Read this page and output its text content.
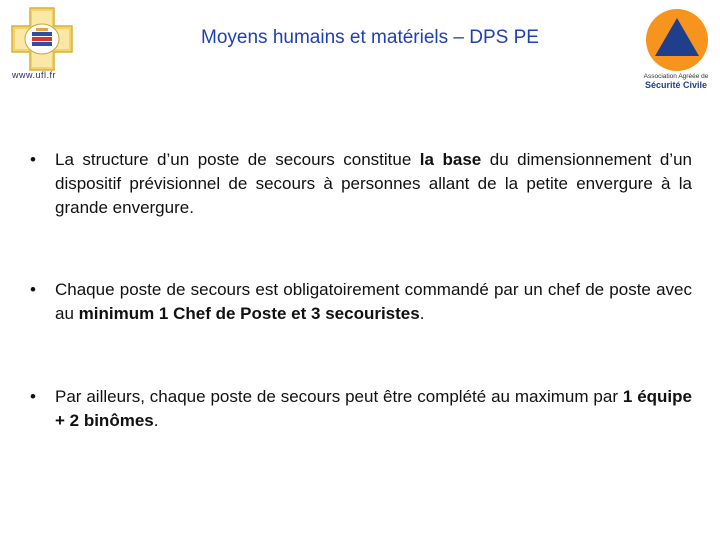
www.ufl.fr
Moyens humains et matériels – DPS PE
Association Agréée de
Sécurité Civile
• La structure d’un poste de secours constitue la base du dimensionnement d’un dispositif prévisionnel de secours à personnes allant de la petite envergure à la grande envergure.
• Chaque poste de secours est obligatoirement commandé par un chef de poste avec au minimum 1 Chef de Poste et 3 secouristes.
• Par ailleurs, chaque poste de secours peut être complété au maximum par 1 équipe + 2 binômes.
